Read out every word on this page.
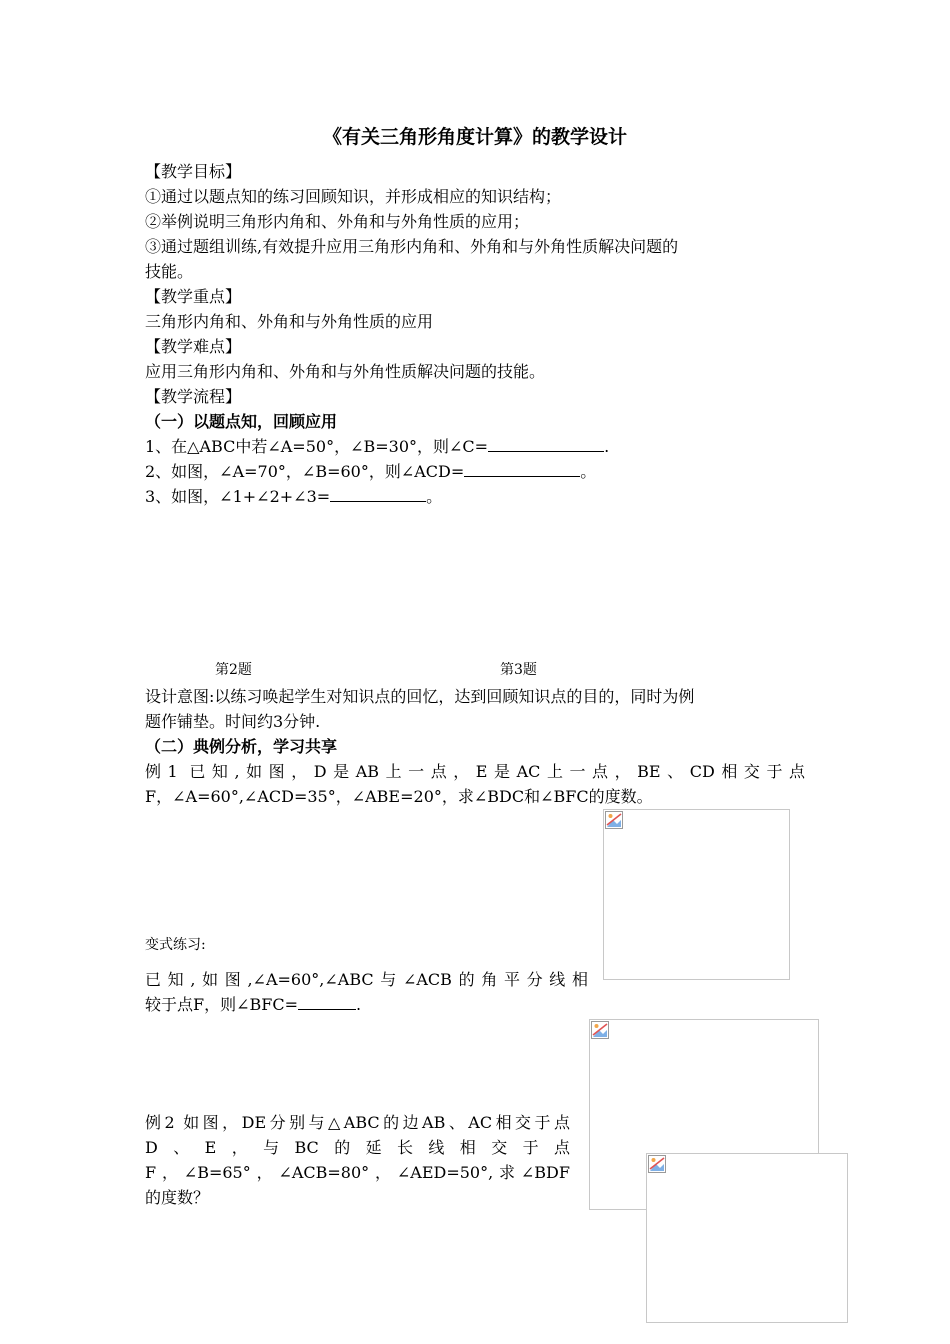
《有关三角形角度计算》的教学设计
【教学目标】
①通过以题点知的练习回顾知识，并形成相应的知识结构；
②举例说明三角形内角和、外角和与外角性质的应用；
③通过题组训练,有效提升应用三角形内角和、外角和与外角性质解决问题的
技能。
【教学重点】
三角形内角和、外角和与外角性质的应用
【教学难点】
应用三角形内角和、外角和与外角性质解决问题的技能。
【教学流程】
（一）以题点知，回顾应用
1、在△ABC中若∠A=50°，∠B=30°，则∠C=	.
2、如图，∠A=70°，∠B=60°，则∠ACD=	。
3、如图，∠1+∠2+∠3=	。
第2题	第3题
设计意图:以练习唤起学生对知识点的回忆，达到回顾知识点的目的，同时为例
题作铺垫。时间约3分钟.
（二）典例分析，学习共享
例1 已知,如图，D是AB上一点，E是AC上一点，BE、CD相交于点
F，∠A=60°,∠ACD=35°，∠ABE=20°，求∠BDC和∠BFC的度数。
变式练习:
已知,如图,∠A=60°,∠ABC与∠ACB的角平分线相
较于点F，则∠BFC=	.
例2 如图，DE分别与△ABC的边AB、AC相交于点
D、E，与BC的延长线相交于点
F，∠B=65°，∠ACB=80°，∠AED=50°,求∠BDF
的度数？
